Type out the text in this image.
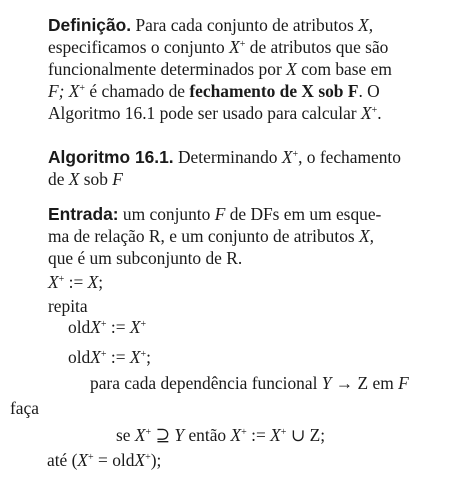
Definição. Para cada conjunto de atributos X,
especificamos o conjunto X+ de atributos que são
funcionalmente determinados por X com base em
F; X+ é chamado de fechamento de X sob F. O
Algoritmo 16.1 pode ser usado para calcular X+.
Algoritmo 16.1. Determinando X+, o fechamento
de X sob F
Entrada: um conjunto F de DFs em um esque-
ma de relação R, e um conjunto de atributos X,
que é um subconjunto de R.
X+ := X;
repita
oldX+ := X+
oldX+ := X+;
para cada dependência funcional Y → Z em F
faça
se X+ ⊇ Y então X+ := X+ ∪ Z;
até (X+ = oldX+);
